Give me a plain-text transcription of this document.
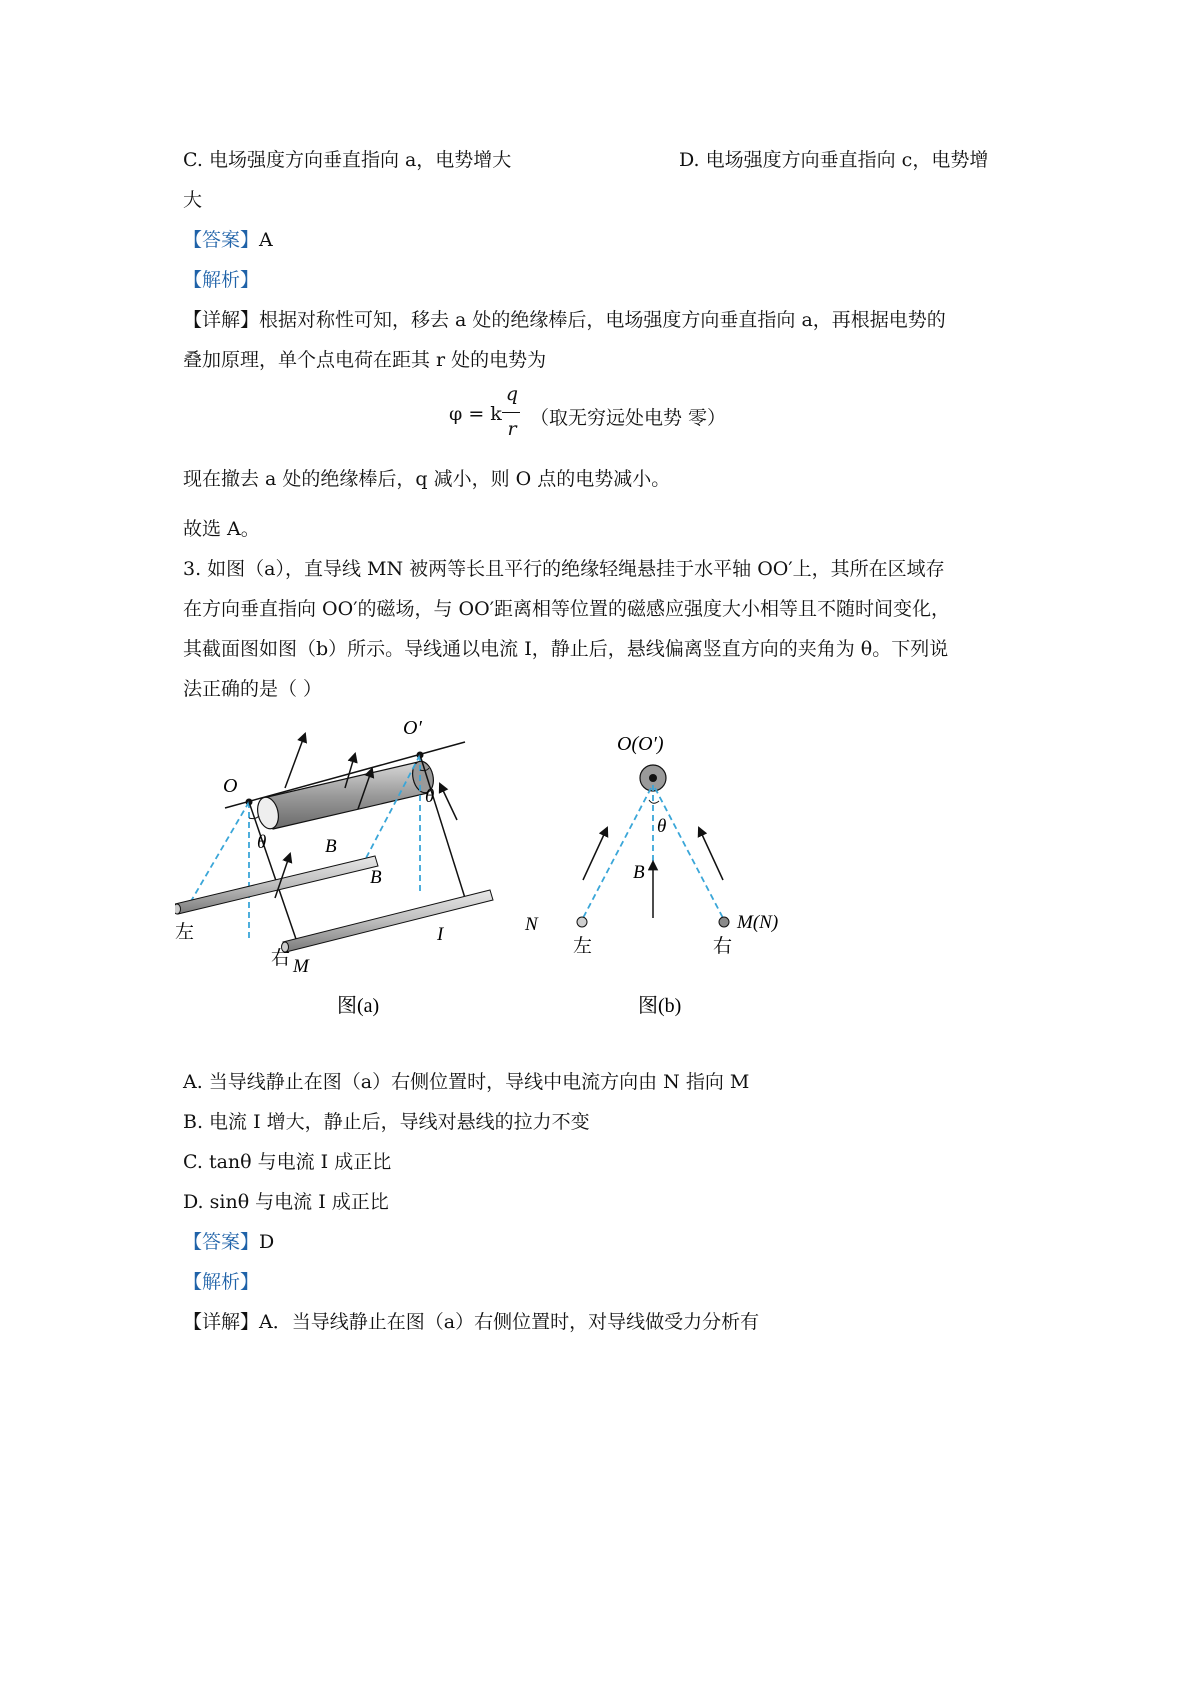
C. 电场强度方向垂直指向 a，电势增大	D. 电场强度方向垂直指向 c，电势增
大
【答案】A
【解析】
【详解】根据对称性可知，移去 a 处的绝缘棒后，电场强度方向垂直指向 a，再根据电势的
叠加原理，单个点电荷在距其 r 处的电势为
φ = k
q
r （取无穷远处电势 零）
现在撤去 a 处的绝缘棒后，q 减小，则 O 点的电势减小。
故选 A。
3. 如图（a），直导线 MN 被两等长且平行的绝缘轻绳悬挂于水平轴 OO′上，其所在区域存
在方向垂直指向 OO′的磁场，与 OO′距离相等位置的磁感应强度大小相等且不随时间变化，
其截面图如图（b）所示。导线通以电流 I，静止后，悬线偏离竖直方向的夹角为 θ。下列说
法正确的是（ ）
O
O′
θ
θ
B
B
左
右 M
N
I
图(a)
O(O′)
θ
B
左	右
M(N)
图(b)
A. 当导线静止在图（a）右侧位置时，导线中电流方向由 N 指向 M
B. 电流 I 增大，静止后，导线对悬线的拉力不变
C. tanθ 与电流 I 成正比
D. sinθ 与电流 I 成正比
【答案】D
【解析】
【详解】A．当导线静止在图（a）右侧位置时，对导线做受力分析有
